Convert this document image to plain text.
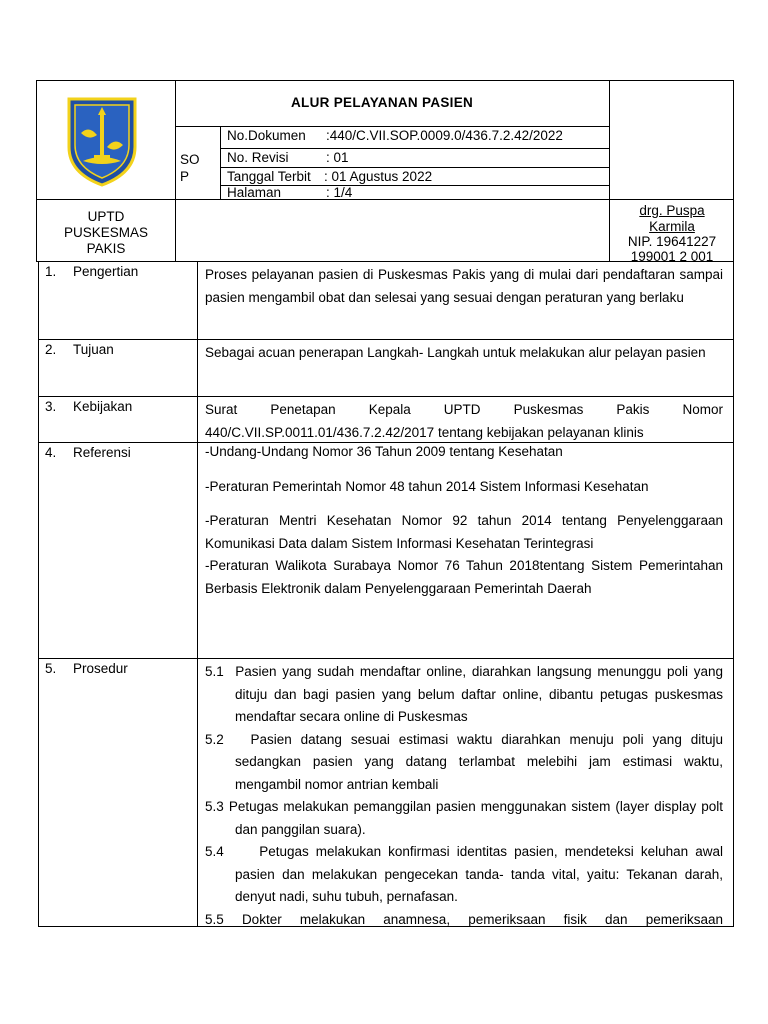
ALUR PELAYANAN PASIEN
SO P
No.Dokumen :440/C.VII.SOP.0009.0/436.7.2.42/2022
No. Revisi	: 01
Tanggal Terbit : 01 Agustus 2022
Halaman	: 1/4
UPTD
PUSKESMAS
PAKIS
drg. Puspa
Karmila
NIP. 19641227
199001 2 001
1. Pengertian	Proses pelayanan pasien di Puskesmas Pakis yang di mulai dari pendaftaran sampai pasien mengambil obat dan selesai yang sesuai dengan peraturan yang berlaku

2. Tujuan	Sebagai acuan penerapan Langkah- Langkah untuk melakukan alur pelayan pasien

3. Kebijakan	Surat Penetapan Kepala UPTD Puskesmas Pakis Nomor 440/C.VII.SP.0011.01/436.7.2.42/2017 tentang kebijakan pelayanan klinis

4. Referensi	-Undang-Undang Nomor 36 Tahun 2009 tentang Kesehatan

-Peraturan Pemerintah Nomor 48 tahun 2014 Sistem Informasi Kesehatan

-Peraturan Mentri Kesehatan Nomor 92 tahun 2014 tentang Penyelenggaraan Komunikasi Data dalam Sistem Informasi Kesehatan Terintegrasi

-Peraturan Walikota Surabaya Nomor 76 Tahun 2018tentang Sistem Pemerintahan Berbasis Elektronik dalam Penyelenggaraan Pemerintah Daerah

5. Prosedur	5.1 Pasien yang sudah mendaftar online, diarahkan langsung menunggu poli yang dituju dan bagi pasien yang belum daftar online, dibantu petugas puskesmas mendaftar secara online di Puskesmas

5.2 Pasien datang sesuai estimasi waktu diarahkan menuju poli yang dituju sedangkan pasien yang datang terlambat melebihi jam estimasi waktu, mengambil nomor antrian kembali

5.3 Petugas melakukan pemanggilan pasien menggunakan sistem (layer display polt dan panggilan suara).

5.4	Petugas melakukan konfirmasi identitas pasien, mendeteksi keluhan awal pasien dan melakukan pengecekan tanda- tanda vital, yaitu: Tekanan darah, denyut nadi, suhu tubuh, pernafasan.

5.5 Dokter melakukan anamnesa, pemeriksaan fisik dan pemeriksaan
